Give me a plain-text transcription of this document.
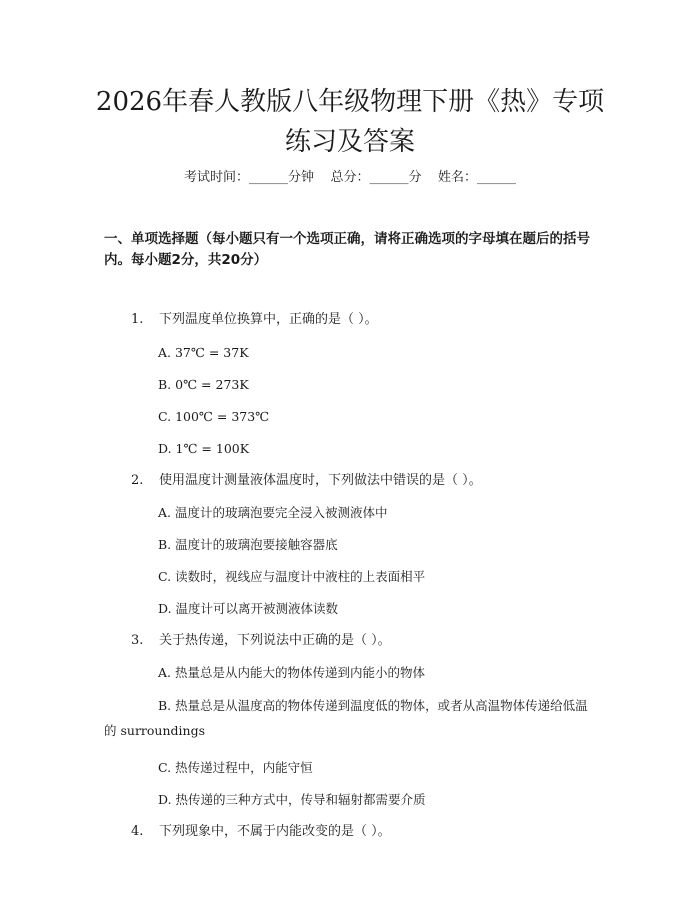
2026年春人教版八年级物理下册《热》专项
练习及答案
考试时间：______分钟    总分：______分    姓名：______
一、单项选择题（每小题只有一个选项正确，请将正确选项的字母填在题后的括号内。每小题2分，共20分）
1. 下列温度单位换算中，正确的是（ ）。
A. 37℃ = 37K
B. 0℃ = 273K
C. 100℃ = 373℃
D. 1℃ = 100K
2. 使用温度计测量液体温度时，下列做法中错误的是（ ）。
A. 温度计的玻璃泡要完全浸入被测液体中
B. 温度计的玻璃泡要接触容器底
C. 读数时，视线应与温度计中液柱的上表面相平
D. 温度计可以离开被测液体读数
3. 关于热传递，下列说法中正确的是（ ）。
A. 热量总是从内能大的物体传递到内能小的物体
B. 热量总是从温度高的物体传递到温度低的物体，或者从高温物体传递给低温的 surroundings
C. 热传递过程中，内能守恒
D. 热传递的三种方式中，传导和辐射都需要介质
4. 下列现象中，不属于内能改变的是（ ）。
